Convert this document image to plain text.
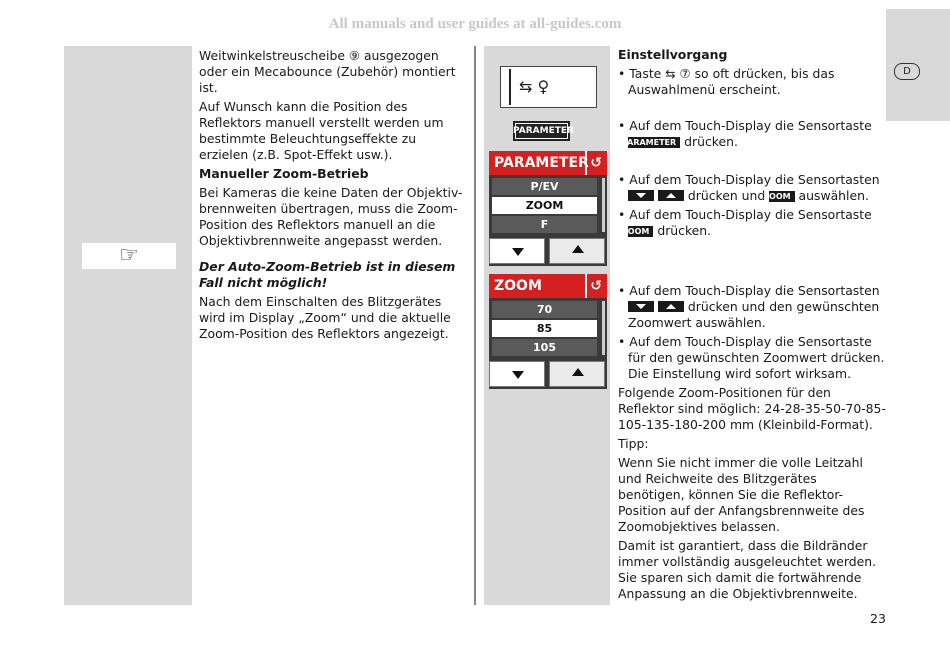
All manuals and user guides at all-guides.com
D
☞

Weitwinkelstreuscheibe ⑨ ausgezogen oder ein Mecabounce (Zubehör) montiert ist.

Auf Wunsch kann die Position des Reflektors manuell verstellt werden um bestimmte Beleuchtungseffekte zu erzielen (z.B. Spot-Effekt usw.).

Manueller Zoom-Betrieb

Bei Kameras die keine Daten der Objektiv-brennweiten übertragen, muss die Zoom-Position des Reflektors manuell an die Objektivbrennweite angepasst werden.

Der Auto-Zoom-Betrieb ist in diesem Fall nicht möglich!

Nach dem Einschalten des Blitzgerätes wird im Display „Zoom“ und die aktuelle Zoom-Position des Reflektors angezeigt.

⇆ ♀
PARAMETER
PARAMETER ↺
P/EV
ZOOM
F
ZOOM	↺
70
85
105

Einstellvorgang

• Taste ⇆ ⑦ so oft drücken, bis das Auswahlmenü erscheint.

• Auf dem Touch-Display die Sensortaste PARAMETER drücken.

• Auf dem Touch-Display die Sensortasten   drücken und ZOOM auswählen.

• Auf dem Touch-Display die Sensortaste ZOOM drücken.

• Auf dem Touch-Display die Sensortasten   drücken und den gewünschten Zoomwert auswählen.

• Auf dem Touch-Display die Sensortaste für den gewünschten Zoomwert drücken. Die Einstellung wird sofort wirksam.

Folgende Zoom-Positionen für den Reflektor sind möglich: 24-28-35-50-70-85-105-135-180-200 mm (Kleinbild-Format).

Tipp:

Wenn Sie nicht immer die volle Leitzahl und Reichweite des Blitzgerätes benötigen, können Sie die Reflektor-Position auf der Anfangsbrennweite des Zoomobjektives belassen.

Damit ist garantiert, dass die Bildränder immer vollständig ausgeleuchtet werden. Sie sparen sich damit die fortwährende Anpassung an die Objektivbrennweite.

23
